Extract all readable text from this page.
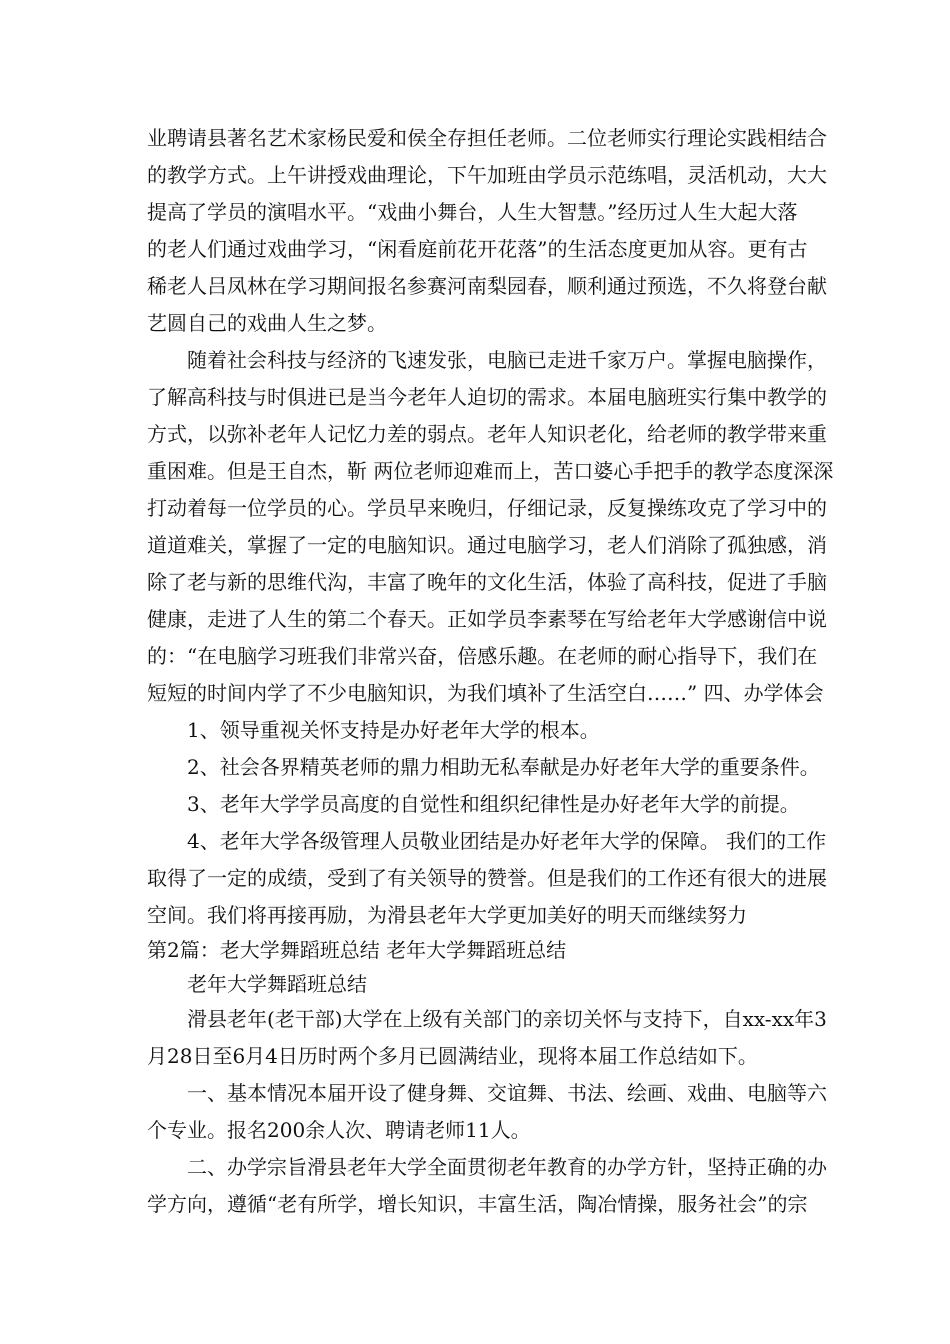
业聘请县著名艺术家杨民爱和侯全存担任老师。二位老师实行理论实践相结合
的教学方式。上午讲授戏曲理论，下午加班由学员示范练唱，灵活机动，大大
提高了学员的演唱水平。“戏曲小舞台，人生大智慧。”经历过人生大起大落
的老人们通过戏曲学习，“闲看庭前花开花落”的生活态度更加从容。更有古
稀老人吕凤林在学习期间报名参赛河南梨园春，顺利通过预选，不久将登台献
艺圆自己的戏曲人生之梦。
随着社会科技与经济的飞速发张，电脑已走进千家万户。掌握电脑操作，
了解高科技与时俱进已是当今老年人迫切的需求。本届电脑班实行集中教学的
方式，以弥补老年人记忆力差的弱点。老年人知识老化，给老师的教学带来重
重困难。但是王自杰，靳 两位老师迎难而上，苦口婆心手把手的教学态度深深
打动着每一位学员的心。学员早来晚归，仔细记录，反复操练攻克了学习中的
道道难关，掌握了一定的电脑知识。通过电脑学习，老人们消除了孤独感，消
除了老与新的思维代沟，丰富了晚年的文化生活，体验了高科技，促进了手脑
健康，走进了人生的第二个春天。正如学员李素琴在写给老年大学感谢信中说
的：“在电脑学习班我们非常兴奋，倍感乐趣。在老师的耐心指导下，我们在
短短的时间内学了不少电脑知识，为我们填补了生活空白……” 四、办学体会
1、领导重视关怀支持是办好老年大学的根本。
2、社会各界精英老师的鼎力相助无私奉献是办好老年大学的重要条件。
3、老年大学学员高度的自觉性和组织纪律性是办好老年大学的前提。
4、老年大学各级管理人员敬业团结是办好老年大学的保障。 我们的工作
取得了一定的成绩，受到了有关领导的赞誉。但是我们的工作还有很大的进展
空间。我们将再接再励，为滑县老年大学更加美好的明天而继续努力
第2篇：老大学舞蹈班总结 老年大学舞蹈班总结
老年大学舞蹈班总结
滑县老年(老干部)大学在上级有关部门的亲切关怀与支持下，自xx-xx年3
月28日至6月4日历时两个多月已圆满结业，现将本届工作总结如下。
一、基本情况本届开设了健身舞、交谊舞、书法、绘画、戏曲、电脑等六
个专业。报名200余人次、聘请老师11人。
二、办学宗旨滑县老年大学全面贯彻老年教育的办学方针，坚持正确的办
学方向，遵循“老有所学，增长知识，丰富生活，陶冶情操，服务社会”的宗
